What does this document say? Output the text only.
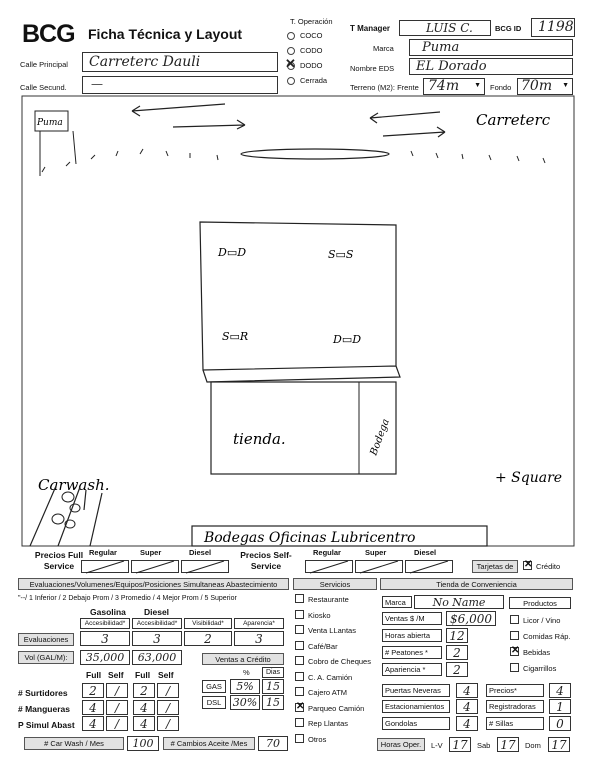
BCG Ficha Técnica y Layout
Calle Principal Carreterc Dauli
Calle Secund. —
T. Operación
COCO
CODO
✕ DODO
Cerrada
T Manager	LUIS C.	BCG ID 1198
Marca Puma
Nombre EDS EL Dorado
Terreno (M2): Frente 74m ▼ Fondo 70m ▼
Puma	Carreterc
D▭D	S▭S
S▭R	D▭D
tienda.	Bodega
Carwash.	+ Square
Bodegas Oficinas Lubricentro
Precios Full Service
Regular	Super	Diesel	Precios Self-Service
Regular	Super	Diesel
Tarjetas de	✕ Crédito
Evaluaciones/Volumenes/Equipos/Posiciones Simultaneas Abastecimiento
"--/ 1 Inferior / 2 Debajo Prom / 3 Promedio / 4 Mejor Prom / 5 Superior
Gasolina Diesel
Accesibilidad*	Accesibilidad*	Visibilidad*	Aparencia*
Evaluaciones	3	3	2	3
Vol (GAL/M):	35,000	63,000	Ventas a Crédito
%	Dias
GAS	5%	15
DSL	30% 15
Full Self Full Self
# Surtidores	2	/	2	/
# Mangueras	4	/	4	/
P Simul Abast	4	/	4	/
# Car Wash / Mes	100	# Cambios Aceite /Mes	70
Servicios
Restaurante
Kiosko
Venta LLantas
Café/Bar
Cobro de Cheques
C. A. Camión
Cajero ATM
✕ Parqueo Camión
Rep Llantas
Otros
Tienda de Conveniencia
Marca	No Name	Productos
Ventas $ /M	$6,000
Horas abierta	12
# Peatones *	2
Apariencia *	2
Licor / Vino
Comidas Ráp.
✕ Bebidas
Cigarrillos
Puertas Neveras	4	Precios*	4
Estacionamientos	4	Registradoras	1
Gondolas	4	# Sillas	0
Horas Oper.	L-V 17	Sab 17	Dom 17
